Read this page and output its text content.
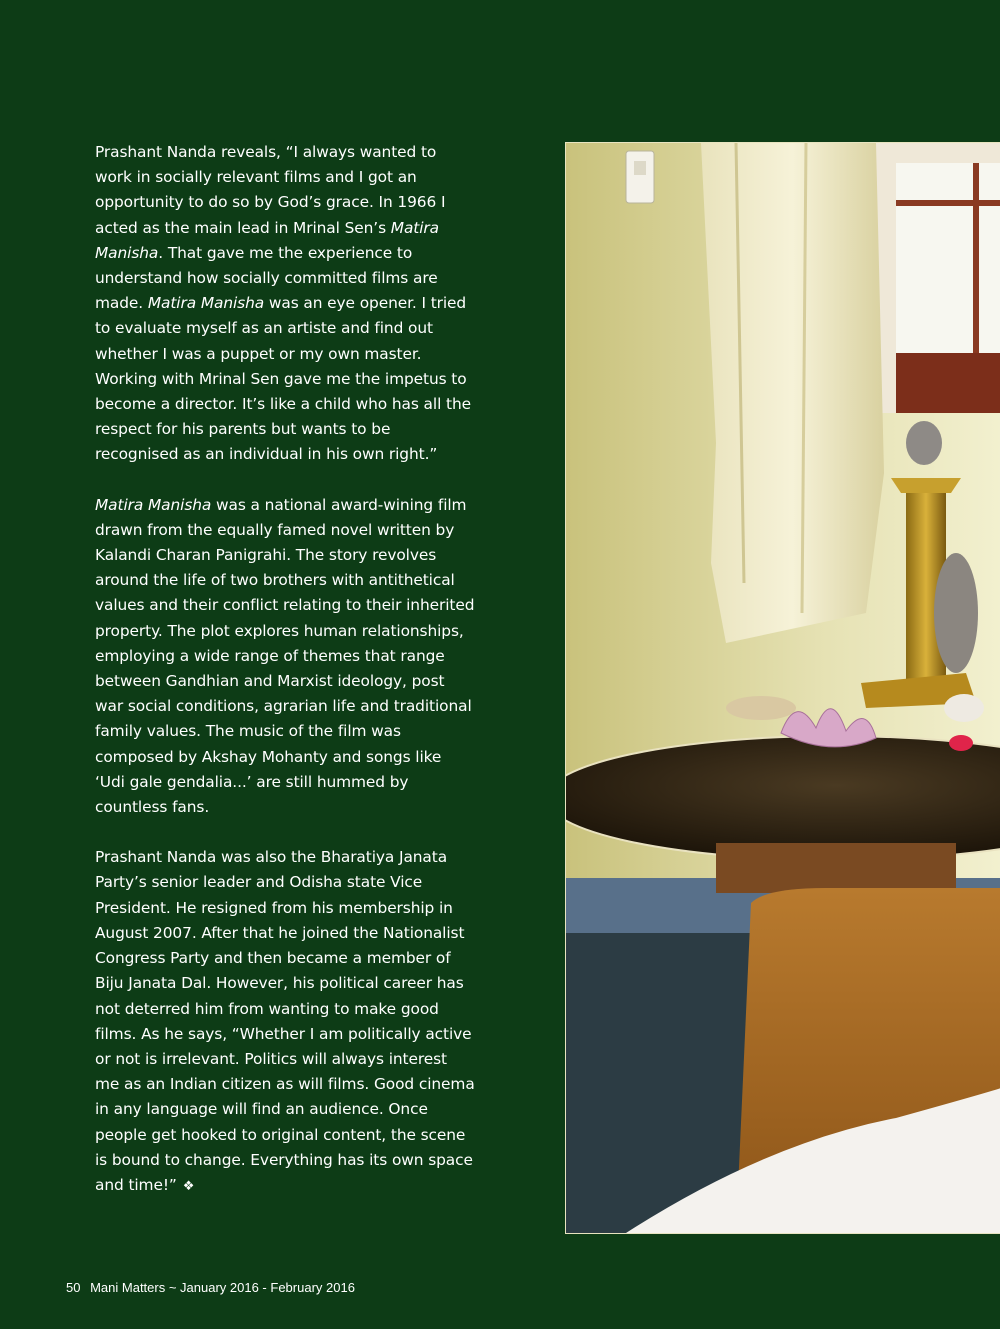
Prashant Nanda reveals, “I always wanted to work in socially relevant films and I got an opportunity to do so by God’s grace. In 1966 I acted as the main lead in Mrinal Sen’s Matira Manisha. That gave me the experience to understand how socially committed films are made. Matira Manisha was an eye opener. I tried to evaluate myself as an artiste and find out whether I was a puppet or my own master. Working with Mrinal Sen gave me the impetus to become a director. It’s like a child who has all the respect for his parents but wants to be recognised as an individual in his own right.”

Matira Manisha was a national award-wining film drawn from the equally famed novel written by Kalandi Charan Panigrahi. The story revolves around the life of two brothers with antithetical values and their conflict relating to their inherited property. The plot explores human relationships, employing a wide range of themes that range between Gandhian and Marxist ideology, post war social conditions, agrarian life and traditional family values. The music of the film was composed by Akshay Mohanty and songs like ‘Udi gale gendalia...’ are still hummed by countless fans.

Prashant Nanda was also the Bharatiya Janata Party’s senior leader and Odisha state Vice President. He resigned from his membership in August 2007. After that he joined the Nationalist Congress Party and then became a member of Biju Janata Dal. However, his political career has not deterred him from wanting to make good films. As he says, “Whether I am politically active or not is irrelevant. Politics will always interest me as an Indian citizen as will films. Good cinema in any language will find an audience. Once people get hooked to original content, the scene is bound to change. Everything has its own space and time!” ❖

50 Mani Matters ~ January 2016 - February 2016
